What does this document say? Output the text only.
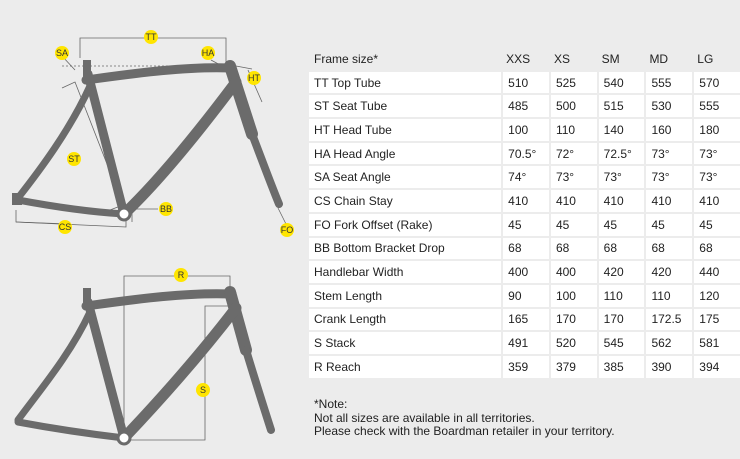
TT
SA	HA
HT
ST
BB
CS	FO
R
S
Frame size*	XXS	XS	SM	MD	LG
TT Top Tube	510	525	540	555	570
ST Seat Tube	485	500	515	530	555
HT Head Tube	100	110	140	160	180
HA Head Angle	70.5°	72°	72.5°	73°	73°
SA Seat Angle	74°	73°	73°	73°	73°
CS Chain Stay	410	410	410	410	410
FO Fork Offset (Rake)	45	45	45	45	45
BB Bottom Bracket Drop	68	68	68	68	68
Handlebar Width	400	400	420	420	440
Stem Length	90	100	110	110	120
Crank Length	165	170	170	172.5	175
S Stack	491	520	545	562	581
R Reach	359	379	385	390	394
*Note:
Not all sizes are available in all territories.
Please check with the Boardman retailer in your territory.
